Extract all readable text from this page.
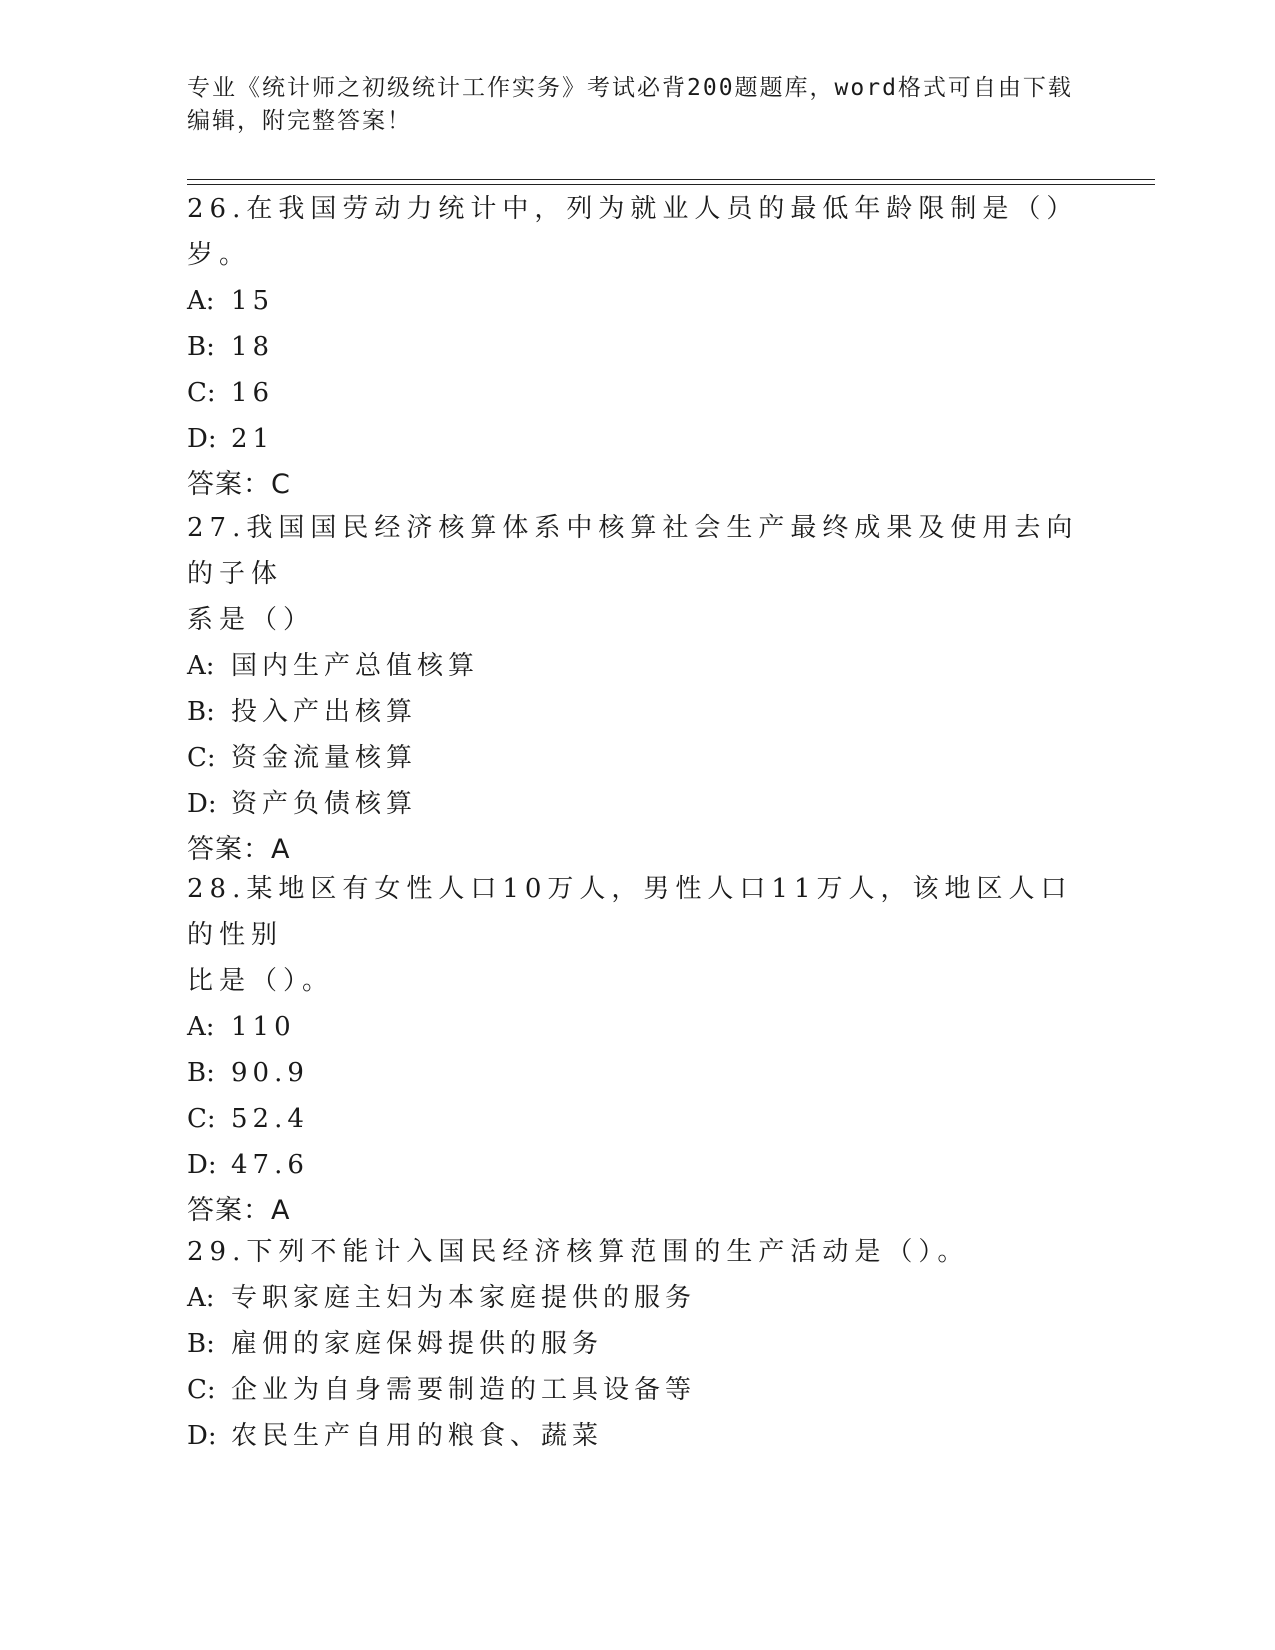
专业《统计师之初级统计工作实务》考试必背200题题库，word格式可自由下载
编辑，附完整答案！

26.在我国劳动力统计中，列为就业人员的最低年龄限制是（）岁。

A: 15

B: 18

C: 16

D: 21

答案：C

27.我国国民经济核算体系中核算社会生产最终成果及使用去向的子体

系是（）

A: 国内生产总值核算

B: 投入产出核算

C: 资金流量核算

D: 资产负债核算

答案：A

28.某地区有女性人口10万人，男性人口11万人，该地区人口的性别

比是（）。

A: 110

B: 90.9

C: 52.4

D: 47.6

答案：A

29.下列不能计入国民经济核算范围的生产活动是（）。

A: 专职家庭主妇为本家庭提供的服务

B: 雇佣的家庭保姆提供的服务

C: 企业为自身需要制造的工具设备等

D: 农民生产自用的粮食、蔬菜
